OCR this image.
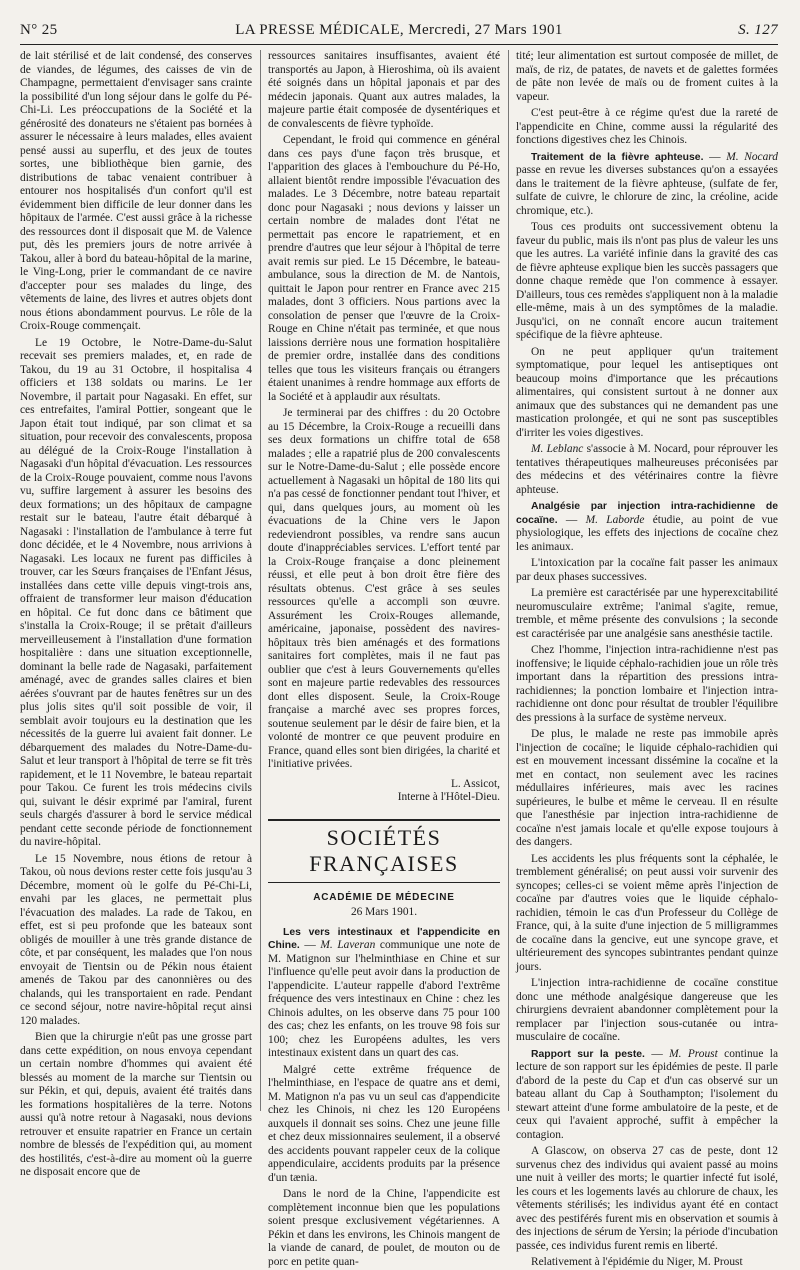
N° 25	LA PRESSE MÉDICALE, Mercredi, 27 Mars 1901	S. 127

de lait stérilisé et de lait condensé, des conserves de viandes, de légumes, des caisses de vin de Champagne, permettaient d'envisager sans crainte la possibilité d'un long séjour dans le golfe du Pé-Chi-Li. Les préoccupations de la Société et la générosité des donateurs ne s'étaient pas bornées à assurer le nécessaire à leurs malades, elles avaient pensé aussi au superflu, et des jeux de toutes sortes, une bibliothèque bien garnie, des distributions de tabac venaient contribuer à entourer nos hospitalisés d'un confort qu'il est évidemment bien difficile de leur donner dans les hôpitaux de l'armée. C'est aussi grâce à la richesse des ressources dont il disposait que M. de Valence put, dès les premiers jours de notre arrivée à Takou, aller à bord du bateau-hôpital de la marine, le Ving-Long, prier le commandant de ce navire d'accepter pour ses malades du linge, des vêtements de laine, des livres et autres objets dont nous étions abondamment pourvus. Le rôle de la Croix-Rouge commençait.

Le 19 Octobre, le Notre-Dame-du-Salut recevait ses premiers malades, et, en rade de Takou, du 19 au 31 Octobre, il hospitalisa 4 officiers et 138 soldats ou marins. Le 1er Novembre, il partait pour Nagasaki. En effet, sur ces entrefaites, l'amiral Pottier, songeant que le Japon était tout indiqué, par son climat et sa situation, pour recevoir des convalescents, proposa au délégué de la Croix-Rouge l'installation à Nagasaki d'un hôpital d'évacuation. Les ressources de la Croix-Rouge pouvaient, comme nous l'avons vu, suffire largement à assurer les besoins des deux formations; un des hôpitaux de campagne restait sur le bateau, l'autre était débarqué à Nagasaki : l'installation de l'ambulance à terre fut donc décidée, et le 4 Novembre, nous arrivions à Nagasaki. Les locaux ne furent pas difficiles à trouver, car les Sœurs françaises de l'Enfant Jésus, installées dans cette ville depuis vingt-trois ans, offraient de transformer leur maison d'éducation en hôpital. Ce fut donc dans ce bâtiment que s'installa la Croix-Rouge; il se prêtait d'ailleurs merveilleusement à l'installation d'une formation hospitalière : dans une situation exceptionnelle, dominant la belle rade de Nagasaki, parfaitement aménagé, avec de grandes salles claires et bien aérées s'ouvrant par de hautes fenêtres sur un des plus jolis sites qu'il soit possible de voir, il semblait avoir toujours eu la destination que les nécessités de la guerre lui avaient fait donner. Le débarquement des malades du Notre-Dame-du-Salut et leur transport à l'hôpital de terre se fit très rapidement, et le 11 Novembre, le bateau repartait pour Takou. Ce furent les trois médecins civils qui, suivant le désir exprimé par l'amiral, furent seuls chargés d'assurer à bord le service médical pendant cette seconde période de fonctionnement du navire-hôpital.

Le 15 Novembre, nous étions de retour à Takou, où nous devions rester cette fois jusqu'au 3 Décembre, moment où le golfe du Pé-Chi-Li, envahi par les glaces, ne permettait plus l'évacuation des malades. La rade de Takou, en effet, est si peu profonde que les bateaux sont obligés de mouiller à une très grande distance de côte, et par conséquent, les malades que l'on nous envoyait de Tientsin ou de Pékin nous étaient amenés de Takou par des canonnières ou des chalands, qui les transportaient en rade. Pendant ce second séjour, notre navire-hôpital reçut ainsi 120 malades.

Bien que la chirurgie n'eût pas une grosse part dans cette expédition, on nous envoya cependant un certain nombre d'hommes qui avaient été blessés au moment de la marche sur Tientsin ou sur Pékin, et qui, depuis, avaient été traités dans les formations hospitalières de la terre. Notons aussi qu'à notre retour à Nagasaki, nous devions retrouver et ensuite rapatrier en France un certain nombre de blessés de l'expédition qui, au moment des hostilités, c'est-à-dire au moment où la guerre ne disposait encore que de

ressources sanitaires insuffisantes, avaient été transportés au Japon, à Hieroshima, où ils avaient été soignés dans un hôpital japonais et par des médecin japonais. Quant aux autres malades, la majeure partie était composée de dysentériques et de convalescents de fièvre typhoïde.

Cependant, le froid qui commence en général dans ces pays d'une façon très brusque, et l'apparition des glaces à l'embouchure du Pé-Ho, allaient bientôt rendre impossible l'évacuation des malades. Le 3 Décembre, notre bateau repartait donc pour Nagasaki ; nous devions y laisser un certain nombre de malades dont l'état ne permettait pas encore le rapatriement, et en prendre d'autres que leur séjour à l'hôpital de terre avait remis sur pied. Le 15 Décembre, le bateau-ambulance, sous la direction de M. de Nantois, quittait le Japon pour rentrer en France avec 215 malades, dont 3 officiers. Nous partions avec la consolation de penser que l'œuvre de la Croix-Rouge en Chine n'était pas terminée, et que nous laissions derrière nous une formation hospitalière de premier ordre, installée dans des conditions telles que tous les visiteurs français ou étrangers étaient unanimes à rendre hommage aux efforts de la Société et à applaudir aux résultats.

Je terminerai par des chiffres : du 20 Octobre au 15 Décembre, la Croix-Rouge a recueilli dans ses deux formations un chiffre total de 658 malades ; elle a rapatrié plus de 200 convalescents sur le Notre-Dame-du-Salut ; elle possède encore actuellement à Nagasaki un hôpital de 180 lits qui n'a pas cessé de fonctionner pendant tout l'hiver, et qui, dans quelques jours, au moment où les évacuations de la Chine vers le Japon redeviendront possibles, va rendre sans aucun doute d'inappréciables services. L'effort tenté par la Croix-Rouge française a donc pleinement réussi, et elle peut à bon droit être fière des résultats obtenus. C'est grâce à ses seules ressources qu'elle a accompli son œuvre. Assurément les Croix-Rouges allemande, américaine, japonaise, possèdent des navires-hôpitaux très bien aménagés et des formations sanitaires fort complètes, mais il ne faut pas oublier que c'est à leurs Gouvernements qu'elles sont en majeure partie redevables des ressources dont elles disposent. Seule, la Croix-Rouge française a marché avec ses propres forces, soutenue seulement par le désir de faire bien, et la volonté de montrer ce que peuvent produire en France, quand elles sont bien dirigées, la charité et l'initiative privées.

L. Assicot,

Interne à l'Hôtel-Dieu.

SOCIÉTÉS FRANÇAISES
ACADÉMIE DE MÉDECINE
26 Mars 1901.

Les vers intestinaux et l'appendicite en Chine. — M. Laveran communique une note de M. Matignon sur l'helminthiase en Chine et sur l'influence qu'elle peut avoir dans la production de l'appendicite. L'auteur rappelle d'abord l'extrême fréquence des vers intestinaux en Chine : chez les Chinois adultes, on les observe dans 75 pour 100 des cas; chez les enfants, on les trouve 98 fois sur 100; chez les Européens adultes, les vers intestinaux existent dans un quart des cas.

Malgré cette extrême fréquence de l'helminthiase, en l'espace de quatre ans et demi, M. Matignon n'a pas vu un seul cas d'appendicite chez les Chinois, ni chez les 120 Européens auxquels il donnait ses soins. Chez une jeune fille et chez deux missionnaires seulement, il a observé des accidents pouvant rappeler ceux de la colique appendiculaire, accidents produits par la présence d'un tænia.

Dans le nord de la Chine, l'appendicite est complètement inconnue bien que les populations soient presque exclusivement végétariennes. A Pékin et dans les environs, les Chinois mangent de la viande de canard, de poulet, de mouton ou de porc en petite quan-

tité; leur alimentation est surtout composée de millet, de maïs, de riz, de patates, de navets et de galettes formées de pâte non levée de maïs ou de froment cuites à la vapeur.

C'est peut-être à ce régime qu'est due la rareté de l'appendicite en Chine, comme aussi la régularité des fonctions digestives chez les Chinois.

Traitement de la fièvre aphteuse. — M. Nocard passe en revue les diverses substances qu'on a essayées dans le traitement de la fièvre aphteuse, (sulfate de fer, sulfate de cuivre, le chlorure de zinc, la créoline, acide chromique, etc.).

Tous ces produits ont successivement obtenu la faveur du public, mais ils n'ont pas plus de valeur les uns que les autres. La variété infinie dans la gravité des cas de fièvre aphteuse explique bien les succès passagers que donne chaque remède que l'on commence à essayer. D'ailleurs, tous ces remèdes s'appliquent non à la maladie elle-même, mais à un des symptômes de la maladie. Jusqu'ici, on ne connaît encore aucun traitement spécifique de la fièvre aphteuse.

On ne peut appliquer qu'un traitement symptomatique, pour lequel les antiseptiques ont beaucoup moins d'importance que les précautions alimentaires, qui consistent surtout à ne donner aux animaux que des substances qui ne demandent pas une mastication prolongée, et qui ne sont pas susceptibles d'irriter les voies digestives.

M. Leblanc s'associe à M. Nocard, pour réprouver les tentatives thérapeutiques malheureuses préconisées par des médecins et des vétérinaires contre la fièvre aphteuse.

Analgésie par injection intra-rachidienne de cocaïne. — M. Laborde étudie, au point de vue physiologique, les effets des injections de cocaïne chez les animaux.

L'intoxication par la cocaïne fait passer les animaux par deux phases successives.

La première est caractérisée par une hyperexcitabilité neuromusculaire extrême; l'animal s'agite, remue, tremble, et même présente des convulsions ; la seconde est caractérisée par une analgésie sans anesthésie tactile.

Chez l'homme, l'injection intra-rachidienne n'est pas inoffensive; le liquide céphalo-rachidien joue un rôle très important dans la répartition des pressions intra-rachidiennes; la ponction lombaire et l'injection intra-rachidienne ont donc pour résultat de troubler l'équilibre des pressions à la surface de système nerveux.

De plus, le malade ne reste pas immobile après l'injection de cocaïne; le liquide céphalo-rachidien qui est en mouvement incessant dissémine la cocaïne et la met en contact, non seulement avec les racines médullaires inférieures, mais avec les racines supérieures, le bulbe et même le cerveau. Il en résulte que l'anesthésie par injection intra-rachidienne de cocaïne n'est jamais locale et qu'elle expose toujours à des dangers.

Les accidents les plus fréquents sont la céphalée, le tremblement généralisé; on peut aussi voir survenir des syncopes; celles-ci se voient même après l'injection de cocaïne par d'autres voies que le liquide céphalo-rachidien, témoin le cas d'un Professeur du Collège de France, qui, à la suite d'une injection de 5 milligrammes de cocaïne dans la gencive, eut une syncope grave, et ultérieurement des syncopes subintrantes pendant quinze jours.

L'injection intra-rachidienne de cocaïne constitue donc une méthode analgésique dangereuse que les chirurgiens devraient abandonner complètement pour la remplacer par l'injection sous-cutanée ou intra-musculaire de cocaïne.

Rapport sur la peste. — M. Proust continue la lecture de son rapport sur les épidémies de peste. Il parle d'abord de la peste du Cap et d'un cas observé sur un bateau allant du Cap à Southampton; l'isolement du stewart atteint d'une forme ambulatoire de la peste, et de ceux qui l'avaient approché, suffit à empêcher la contagion.

A Glascow, on observa 27 cas de peste, dont 12 survenus chez des individus qui avaient passé au moins une nuit à veiller des morts; le quartier infecté fut isolé, les cours et les logements lavés au chlorure de chaux, les vêtements stérilisés; les individus ayant été en contact avec des pestiférés furent mis en observation et soumis à des injections de sérum de Yersin; la période d'incubation passée, ces individus furent remis en liberté.

Relativement à l'épidémie du Niger, M. Proust
